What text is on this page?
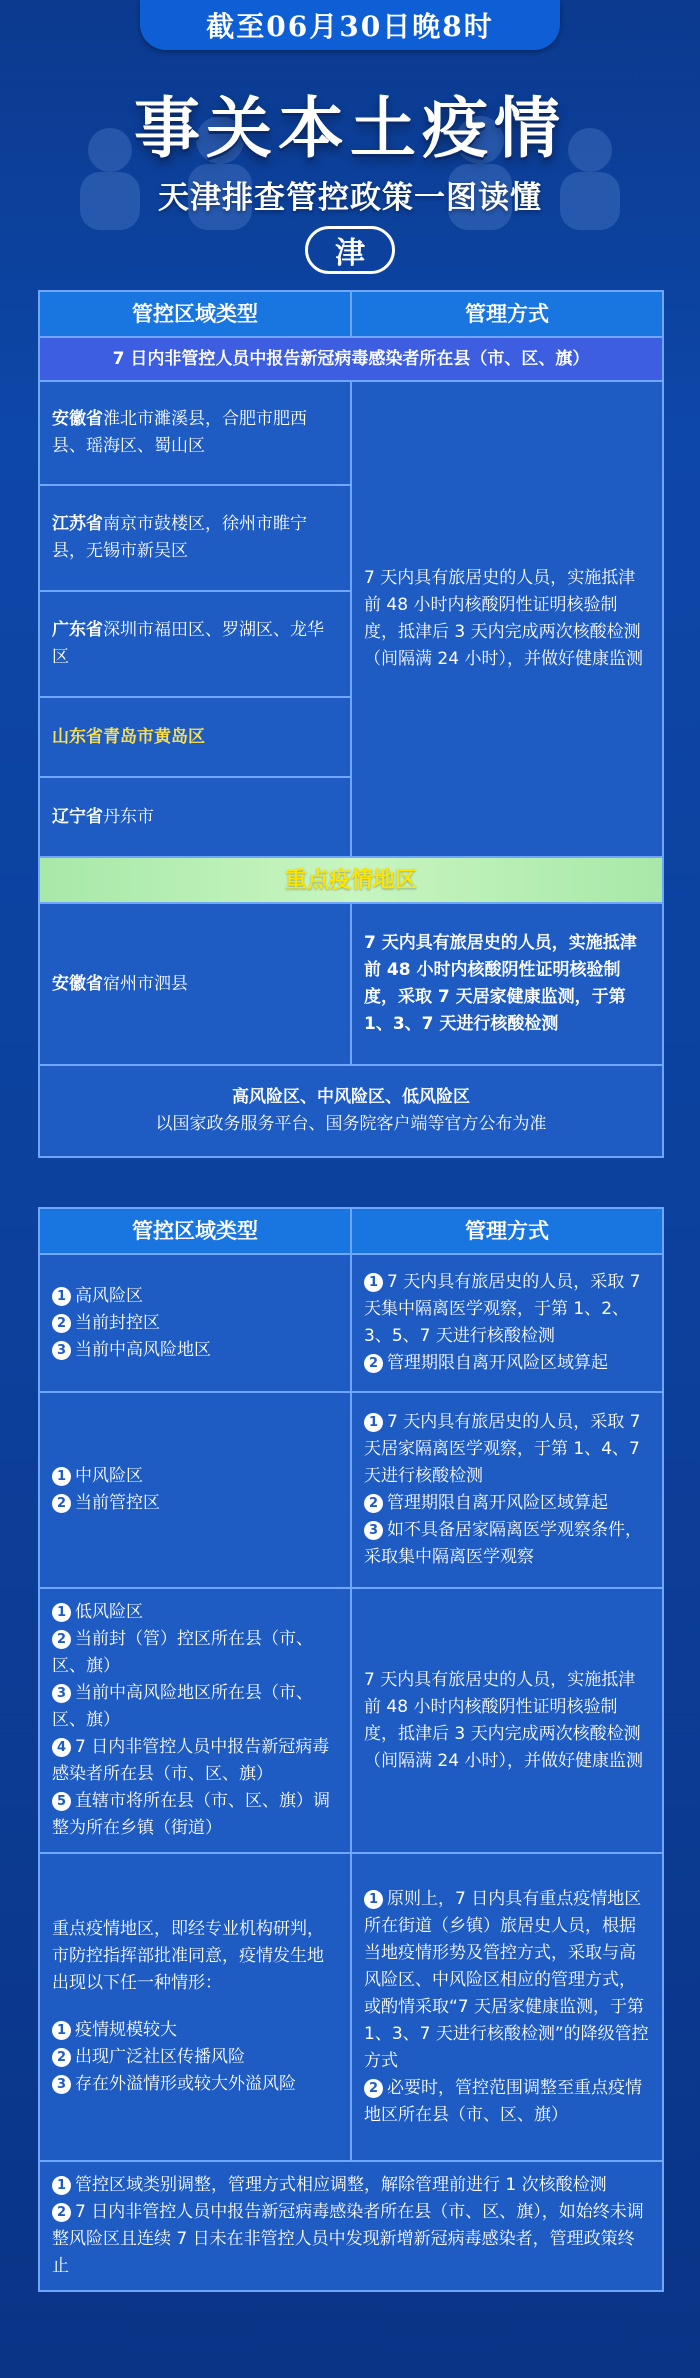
截至06月30日晚8时
事关本土疫情
天津排查管控政策一图读懂
津
管控区域类型	管理方式
7 日内非管控人员中报告新冠病毒感染者所在县（市、区、旗）	
安徽省淮北市濉溪县，合肥市肥西县、瑶海区、蜀山区	7 天内具有旅居史的人员，实施抵津前 48 小时内核酸阴性证明核验制度，抵津后 3 天内完成两次核酸检测（间隔满 24 小时），并做好健康监测
江苏省南京市鼓楼区，徐州市睢宁县，无锡市新吴区	
广东省深圳市福田区、罗湖区、龙华区	
山东省青岛市黄岛区	
辽宁省丹东市	
重点疫情地区	
安徽省宿州市泗县	7 天内具有旅居史的人员，实施抵津前 48 小时内核酸阴性证明核验制度，采取 7 天居家健康监测，于第 1、3、7 天进行核酸检测

高风险区、中风险区、低风险区
以国家政务服务平台、国务院客户端等官方公布为准	
管控区域类型	管理方式

1 高风险区
2 当前封控区
3 当前中高风险地区	1 7 天内具有旅居史的人员，采取 7 天集中隔离医学观察，于第 1、2、3、5、7 天进行核酸检测
2 管理期限自离开风险区域算起

1 中风险区
2 当前管控区	1 7 天内具有旅居史的人员，采取 7 天居家隔离医学观察，于第 1、4、7 天进行核酸检测
2 管理期限自离开风险区域算起
3 如不具备居家隔离医学观察条件，采取集中隔离医学观察

1 低风险区
2 当前封（管）控区所在县（市、区、旗）
3 当前中高风险地区所在县（市、区、旗）
4 7 日内非管控人员中报告新冠病毒感染者所在县（市、区、旗）
5 直辖市将所在县（市、区、旗）调整为所在乡镇（街道）	7 天内具有旅居史的人员，实施抵津前 48 小时内核酸阴性证明核验制度，抵津后 3 天内完成两次核酸检测（间隔满 24 小时），并做好健康监测

重点疫情地区，即经专业机构研判，市防控指挥部批准同意，疫情发生地出现以下任一种情形：
1 疫情规模较大
2 出现广泛社区传播风险
3 存在外溢情形或较大外溢风险	1 原则上，7 日内具有重点疫情地区所在街道（乡镇）旅居史人员，根据当地疫情形势及管控方式，采取与高风险区、中风险区相应的管理方式，或酌情采取“7 天居家健康监测，于第 1、3、7 天进行核酸检测”的降级管控方式
2 必要时，管控范围调整至重点疫情地区所在县（市、区、旗）

1 管控区域类别调整，管理方式相应调整，解除管理前进行 1 次核酸检测
2 7 日内非管控人员中报告新冠病毒感染者所在县（市、区、旗），如始终未调整风险区且连续 7 日未在非管控人员中发现新增新冠病毒感染者，管理政策终止	
